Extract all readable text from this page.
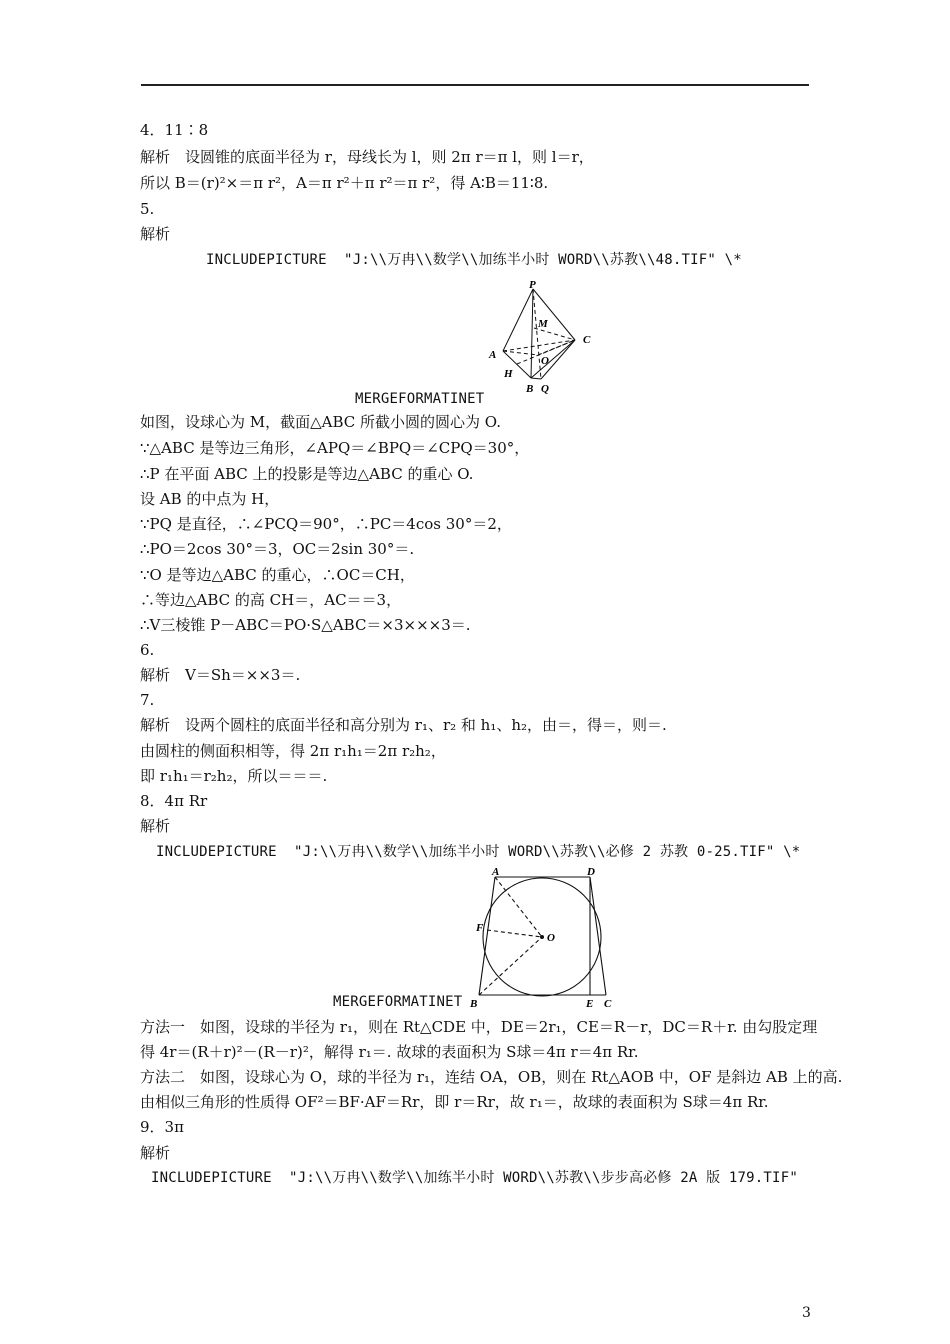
4．11∶8
解析　设圆锥的底面半径为 r，母线长为 l，则 2π r＝π l，则 l＝r，
所以 B＝(r)²×＝π r²，A＝π r²＋π r²＝π r²，得 A∶B＝11∶8.
5.
解析
INCLUDEPICTURE  "J:\\万冉\\数学\\加练半小时 WORD\\苏教\\48.TIF" \*
P
M
C
A	O
H
B Q
MERGEFORMATINET
如图，设球心为 M，截面△ABC 所截小圆的圆心为 O.
∵△ABC 是等边三角形，∠APQ＝∠BPQ＝∠CPQ＝30°，
∴P 在平面 ABC 上的投影是等边△ABC 的重心 O.
设 AB 的中点为 H，
∵PQ 是直径，∴∠PCQ＝90°，∴PC＝4cos 30°＝2，
∴PO＝2cos 30°＝3，OC＝2sin 30°＝.
∵O 是等边△ABC 的重心，∴OC＝CH，
∴等边△ABC 的高 CH＝，AC＝＝3，
∴V三棱锥 P－ABC＝PO·S△ABC＝×3×××3＝.
6.
解析　V＝Sh＝××3＝.
7.
解析　设两个圆柱的底面半径和高分别为 r₁、r₂ 和 h₁、h₂，由＝，得＝，则＝.
由圆柱的侧面积相等，得 2π r₁h₁＝2π r₂h₂，
即 r₁h₁＝r₂h₂，所以＝＝＝.
8．4π Rr
解析
INCLUDEPICTURE  "J:\\万冉\\数学\\加练半小时 WORD\\苏教\\必修 2 苏教 0-25.TIF" \*
A	D
F
O
B	E C
MERGEFORMATINET
方法一　如图，设球的半径为 r₁，则在 Rt△CDE 中，DE＝2r₁，CE＝R－r，DC＝R＋r. 由勾股定理
得 4r＝(R＋r)²－(R－r)²，解得 r₁＝. 故球的表面积为 S球＝4π r＝4π Rr.
方法二　如图，设球心为 O，球的半径为 r₁，连结 OA，OB，则在 Rt△AOB 中，OF 是斜边 AB 上的高.
由相似三角形的性质得 OF²＝BF·AF＝Rr，即 r＝Rr，故 r₁＝，故球的表面积为 S球＝4π Rr.
9．3π
解析
INCLUDEPICTURE  "J:\\万冉\\数学\\加练半小时 WORD\\苏教\\步步高必修 2A 版 179.TIF"
3
